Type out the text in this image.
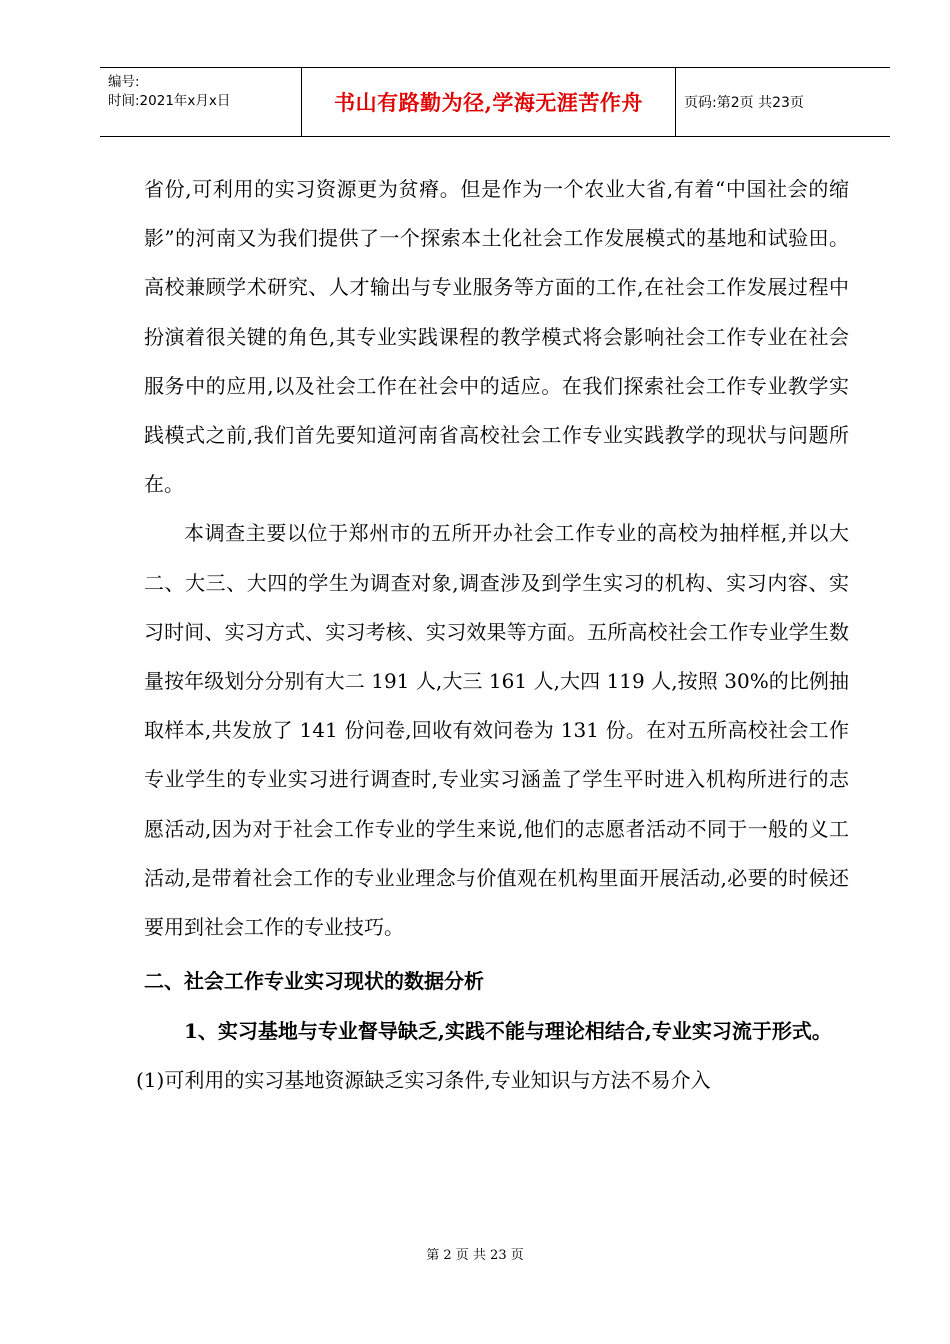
编号:
时间:2021年x月x日	书山有路勤为径,学海无涯苦作舟	页码:第2页 共23页

省份,可利用的实习资源更为贫瘠。但是作为一个农业大省,有着“中国社会的缩影”的河南又为我们提供了一个探索本土化社会工作发展模式的基地和试验田。高校兼顾学术研究、人才输出与专业服务等方面的工作,在社会工作发展过程中扮演着很关键的角色,其专业实践课程的教学模式将会影响社会工作专业在社会服务中的应用,以及社会工作在社会中的适应。在我们探索社会工作专业教学实践模式之前,我们首先要知道河南省高校社会工作专业实践教学的现状与问题所在。

本调查主要以位于郑州市的五所开办社会工作专业的高校为抽样框,并以大二、大三、大四的学生为调查对象,调查涉及到学生实习的机构、实习内容、实习时间、实习方式、实习考核、实习效果等方面。五所高校社会工作专业学生数量按年级划分分别有大二 191 人,大三 161 人,大四 119 人,按照 30%的比例抽取样本,共发放了 141 份问卷,回收有效问卷为 131 份。在对五所高校社会工作专业学生的专业实习进行调查时,专业实习涵盖了学生平时进入机构所进行的志愿活动,因为对于社会工作专业的学生来说,他们的志愿者活动不同于一般的义工活动,是带着社会工作的专业业理念与价值观在机构里面开展活动,必要的时候还要用到社会工作的专业技巧。

二、社会工作专业实习现状的数据分析

1、实习基地与专业督导缺乏,实践不能与理论相结合,专业实习流于形式。

(1)可利用的实习基地资源缺乏实习条件,专业知识与方法不易介入

第 2 页 共 23 页
